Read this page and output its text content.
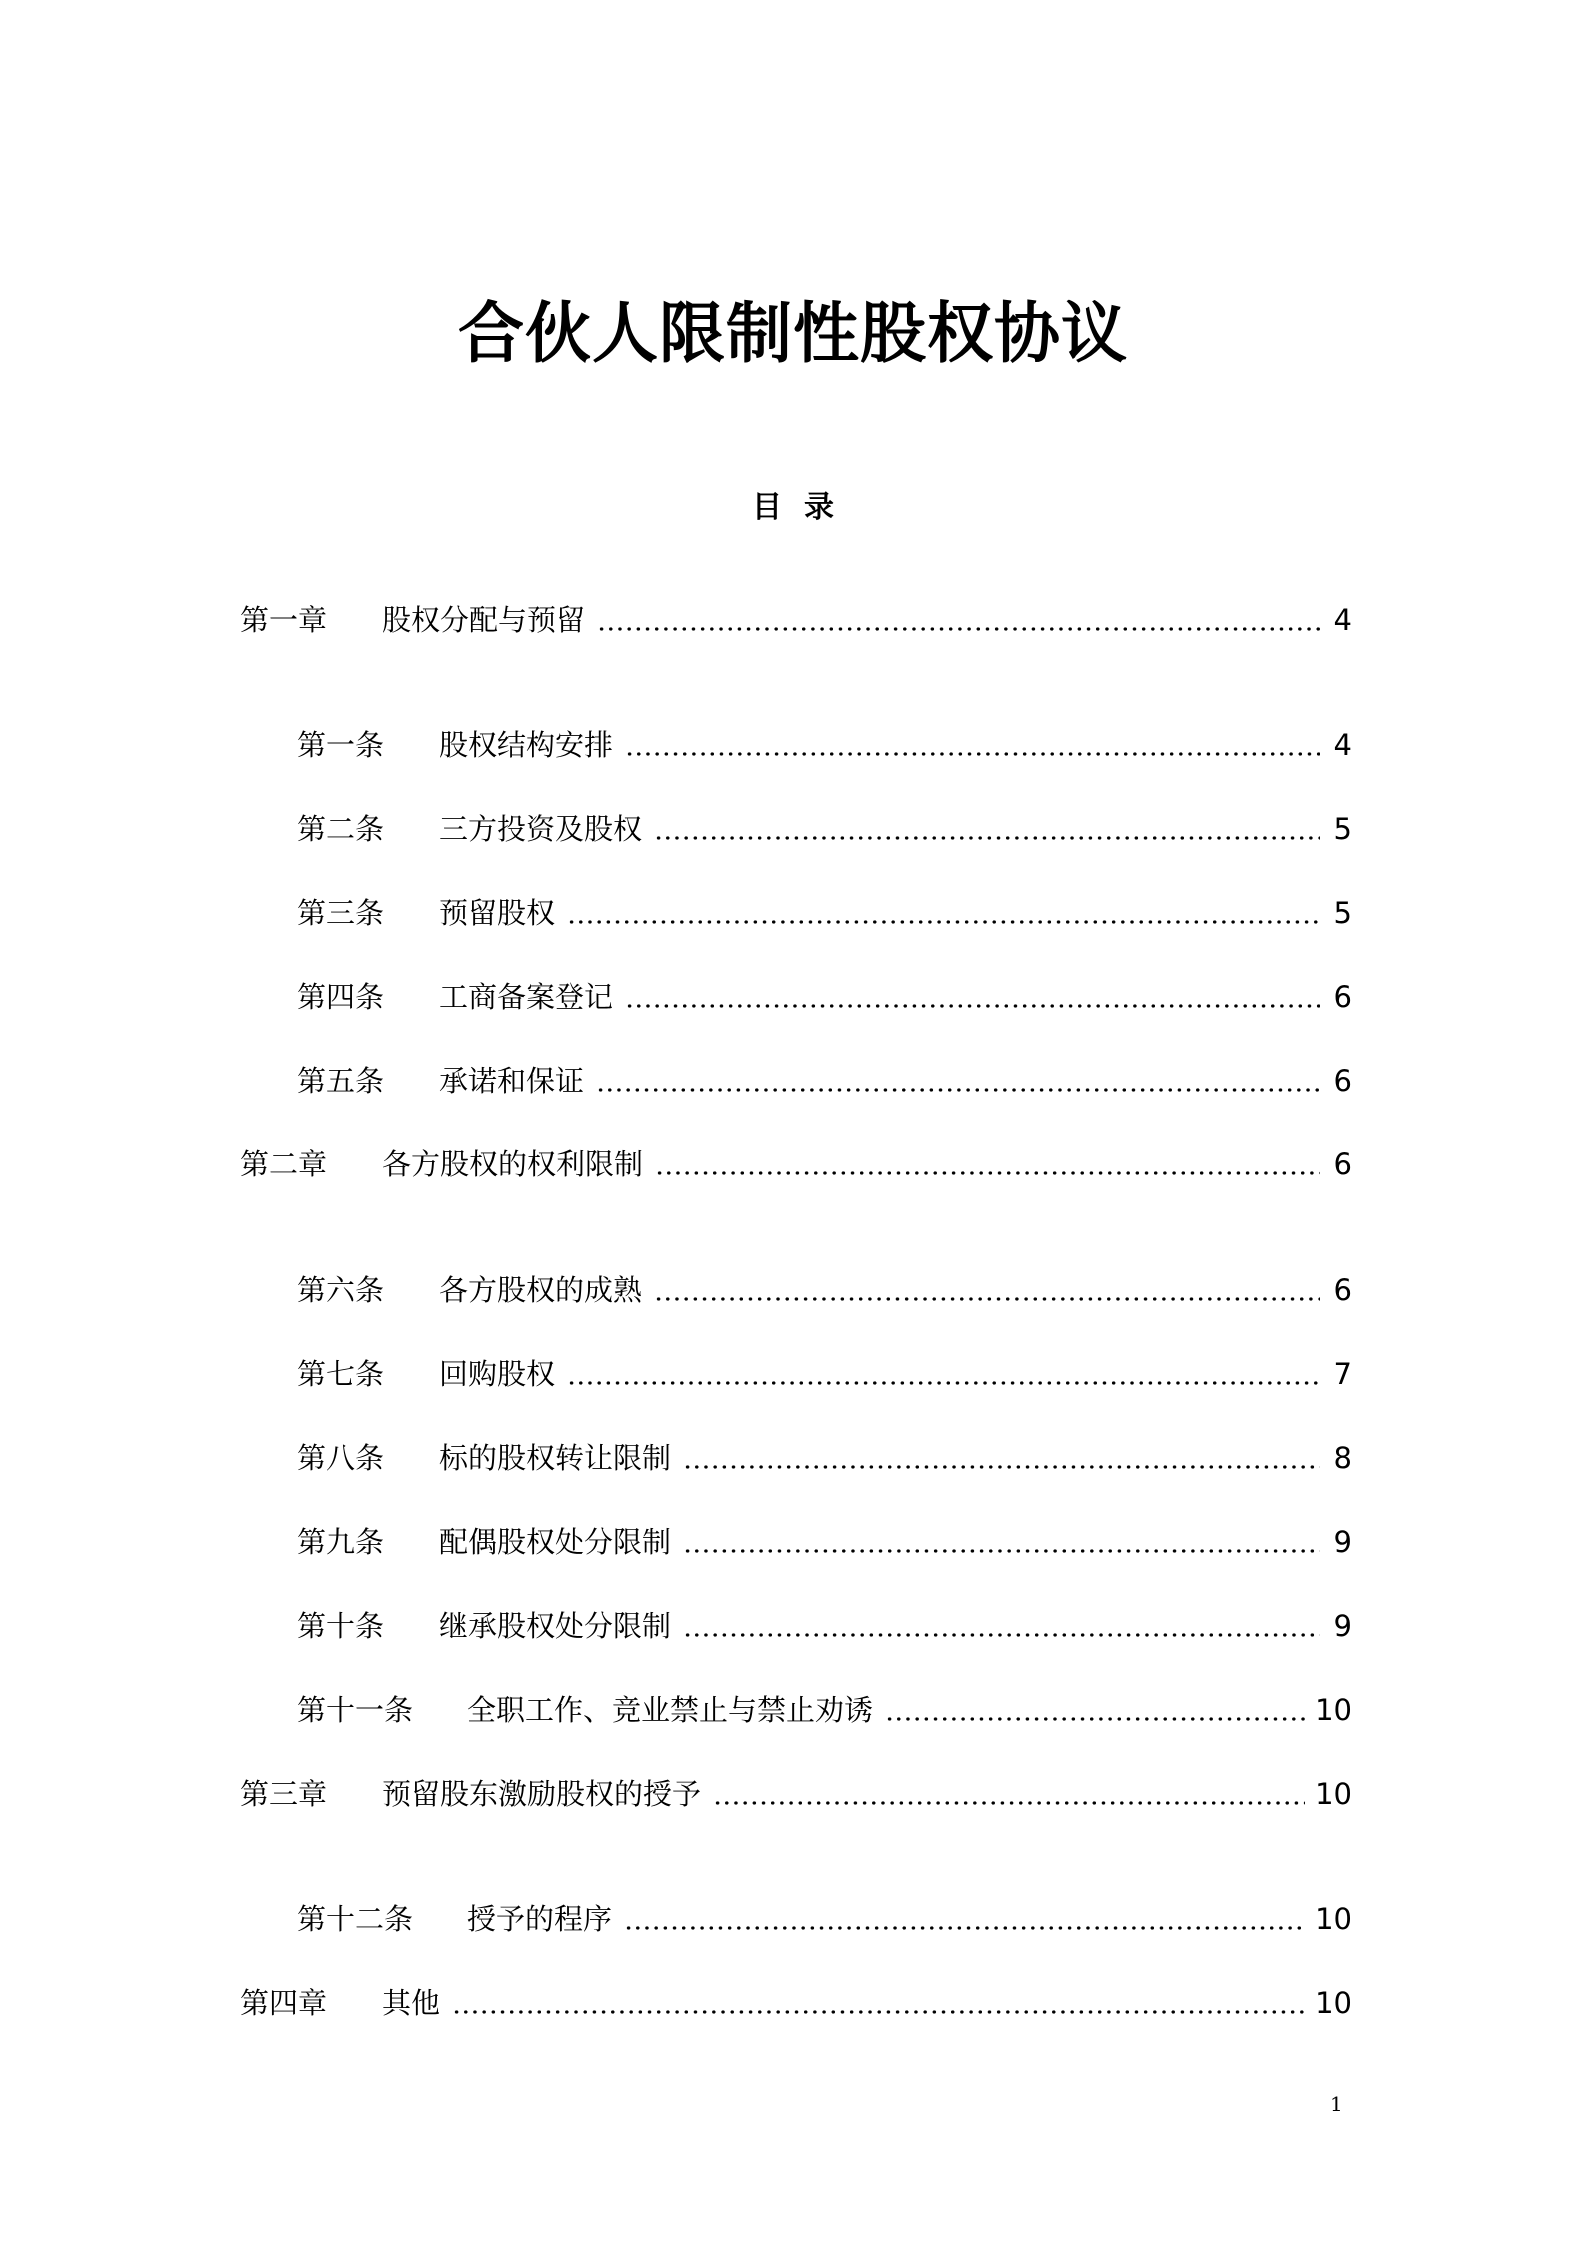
合伙人限制性股权协议
目录
第一章	股权分配与预留	4
第一条	股权结构安排	4
第二条	三方投资及股权	5
第三条	预留股权	5
第四条	工商备案登记	6
第五条	承诺和保证	6
第二章	各方股权的权利限制	6
第六条	各方股权的成熟	6
第七条	回购股权	7
第八条	标的股权转让限制	8
第九条	配偶股权处分限制	9
第十条	继承股权处分限制	9
第十一条	全职工作、竞业禁止与禁止劝诱	10
第三章	预留股东激励股权的授予	10
第十二条	授予的程序	10
第四章	其他	10
1
